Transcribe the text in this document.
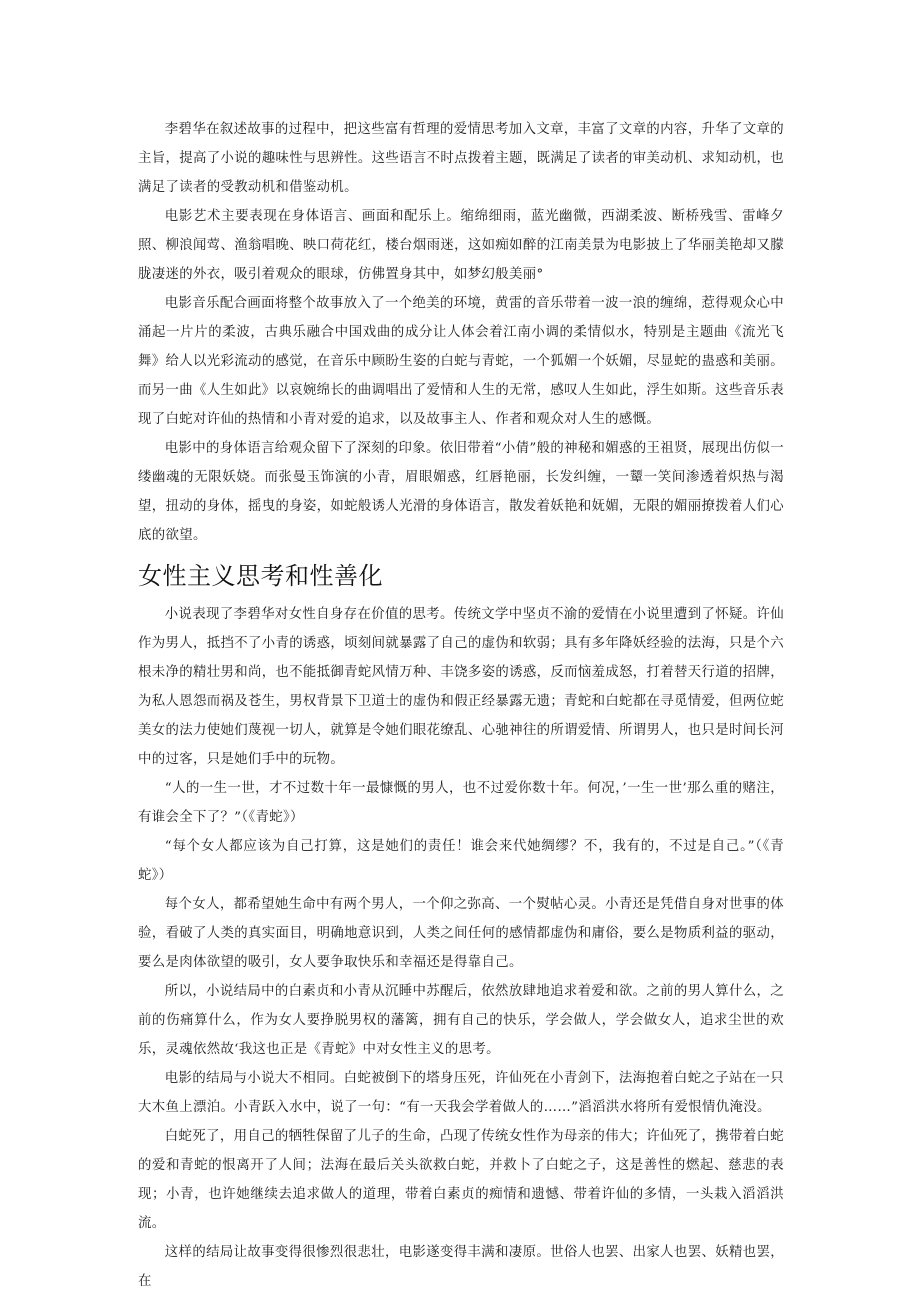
李碧华在叙述故事的过程中，把这些富有哲理的爱情思考加入文章，丰富了文章的内容，升华了文章的主旨，提高了小说的趣味性与思辨性。这些语言不时点拨着主题，既满足了读者的审美动机、求知动机，也满足了读者的受教动机和借鉴动机。

电影艺术主要表现在身体语言、画面和配乐上。缩绵细雨，蓝光幽微，西湖柔波、断桥残雪、雷峰夕照、柳浪闻莺、渔翁唱晚、映口荷花红，楼台烟雨迷，这如痴如醉的江南美景为电影披上了华丽美艳却又朦胧凄迷的外衣，吸引着观众的眼球，仿佛置身其中，如梦幻般美丽°

电影音乐配合画面将整个故事放入了一个绝美的环境，黄雷的音乐带着一波一浪的缠绵，惹得观众心中涌起一片片的柔波，古典乐融合中国戏曲的成分让人体会着江南小调的柔情似水，特别是主题曲《流光飞舞》给人以光彩流动的感觉，在音乐中顾盼生姿的白蛇与青蛇，一个狐媚一个妖媚，尽显蛇的蛊惑和美丽。而另一曲《人生如此》以哀婉绵长的曲调唱出了爱情和人生的无常，感叹人生如此，浮生如斯。这些音乐表现了白蛇对许仙的热情和小青对爱的追求，以及故事主人、作者和观众对人生的感慨。

电影中的身体语言给观众留下了深刻的印象。依旧带着“小倩”般的神秘和媚惑的王祖贤，展现出仿似一缕幽魂的无限妖娆。而张曼玉饰演的小青，眉眼媚惑，红唇艳丽，长发纠缠，一颦一笑间渗透着炽热与渴望，扭动的身体，摇曳的身姿，如蛇般诱人光滑的身体语言，散发着妖艳和妩媚，无限的媚丽撩拨着人们心底的欲望。

女性主义思考和性善化

小说表现了李碧华对女性自身存在价值的思考。传统文学中坚贞不渝的爱情在小说里遭到了怀疑。许仙作为男人，抵挡不了小青的诱惑，顷刻间就暴露了自己的虚伪和软弱；具有多年降妖经验的法海，只是个六根未净的精壮男和尚，也不能抵御青蛇风情万种、丰饶多姿的诱惑，反而恼羞成怒，打着替天行道的招牌，为私人恩怨而祸及苍生，男权背景下卫道士的虚伪和假正经暴露无遗；青蛇和白蛇都在寻觅情爱，但两位蛇美女的法力使她们蔑视一切人，就算是令她们眼花缭乱、心驰神往的所谓爱情、所谓男人，也只是时间长河中的过客，只是她们手中的玩物。

“人的一生一世，才不过数十年一最慷慨的男人，也不过爱你数十年。何况，’一生一世’那么重的赌注，有谁会全下了？”（《青蛇》）

“每个女人都应该为自己打算，这是她们的责任！谁会来代她绸缪？不，我有的，不过是自己。”（《青蛇》）

每个女人，都希望她生命中有两个男人，一个仰之弥高、一个熨帖心灵。小青还是凭借自身对世事的体验，看破了人类的真实面目，明确地意识到，人类之间任何的感情都虚伪和庸俗，要么是物质利益的驱动，要么是肉体欲望的吸引，女人要争取快乐和幸福还是得靠自己。

所以，小说结局中的白素贞和小青从沉睡中苏醒后，依然放肆地追求着爱和欲。之前的男人算什么，之前的伤痛算什么，作为女人要挣脱男权的藩篱，拥有自己的快乐，学会做人，学会做女人，追求尘世的欢乐，灵魂依然故‘我这也正是《青蛇》中对女性主义的思考。

电影的结局与小说大不相同。白蛇被倒下的塔身压死，许仙死在小青剑下，法海抱着白蛇之子站在一只大木鱼上漂泊。小青跃入水中，说了一句：“有一天我会学着做人的……”滔滔洪水将所有爱恨情仇淹没。

白蛇死了，用自己的牺牲保留了儿子的生命，凸现了传统女性作为母亲的伟大；许仙死了，携带着白蛇的爱和青蛇的恨离开了人间；法海在最后关头欲救白蛇，并救卜了白蛇之子，这是善性的燃起、慈悲的表现；小青，也许她继续去追求做人的道理，带着白素贞的痴情和遗憾、带着许仙的多情，一头栽入滔滔洪流。

这样的结局让故事变得很惨烈很悲壮，电影遂变得丰满和凄原。世俗人也罢、出家人也罢、妖精也罢，在
